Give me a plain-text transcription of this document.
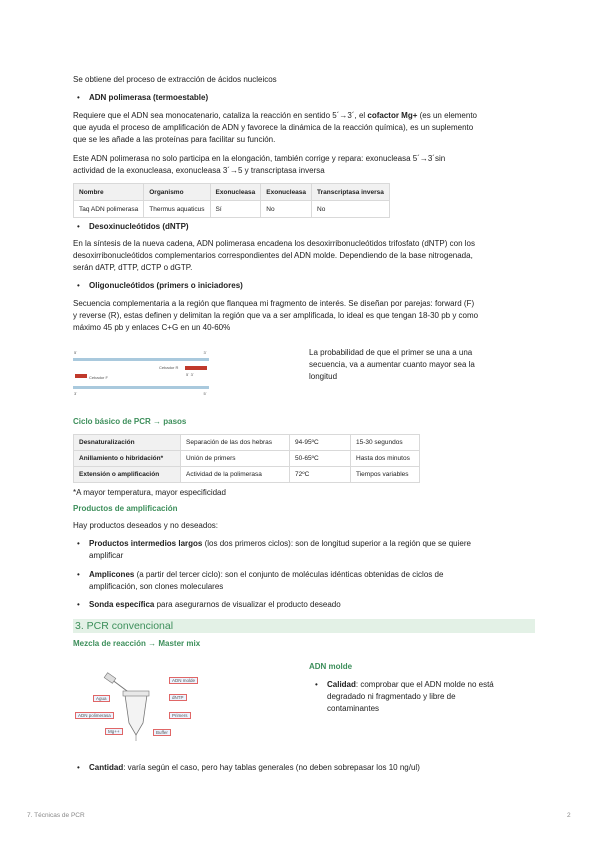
Se obtiene del proceso de extracción de ácidos nucleicos

ADN polimerasa (termoestable)

Requiere que el ADN sea monocatenario, cataliza la reacción en sentido 5´→3´, el cofactor Mg+ (es un elemento

que ayuda el proceso de amplificación de ADN y favorece la dinámica de la reacción química), es un suplemento

que se les añade a las proteínas para facilitar su función.

Este ADN polimerasa no solo participa en la elongación, también corrige y repara: exonucleasa 5´→3´sin

actividad de la exonucleasa, exonucleasa 3´→5 y transcriptasa inversa

Nombre	Organismo	Exonucleasa	Exonucleasa	Transcriptasa inversa
Taq ADN polimerasa	Thermus aquaticus	Sí	No	No
Desoxinucleótidos (dNTP)

En la síntesis de la nueva cadena, ADN polimerasa encadena los desoxirribonucleótidos trifosfato (dNTP) con los

desoxirribonucleótidos complementarios correspondientes del ADN molde. Dependiendo de la base nitrogenada,

serán dATP, dTTP, dCTP o dGTP.

Oligonucleótidos (primers o iniciadores)

Secuencia complementaria a la región que flanquea mi fragmento de interés. Se diseñan por parejas: forward (F)

y reverse (R), estas definen y delimitan la región que va a ser amplificada, lo ideal es que tengan 18-30 pb y como

máximo 45 pb y enlaces C+G en un 40-60%

5´	3´
Cebador R
5´ 3´
Cebador F
3´	5´

La probabilidad de que el primer se una a una

secuencia, va a aumentar cuanto mayor sea la

longitud

Ciclo básico de PCR → pasos

Desnaturalización	Separación de las dos hebras	94-95ºC	15-30 segundos
Anillamiento o hibridación*	Unión de primers	50-65ºC	Hasta dos minutos
Extensión o amplificación	Actividad de la polimerasa	72ºC	Tiempos variables

*A mayor temperatura, mayor especificidad

Productos de amplificación

Hay productos deseados y no deseados:

Productos intermedios largos (los dos primeros ciclos): son de longitud superior a la región que se quiere

amplificar

Amplicones (a partir del tercer ciclo): son el conjunto de moléculas idénticas obtenidas de ciclos de

amplificación, son clones moleculares

Sonda específica para asegurarnos de visualizar el producto deseado
3. PCR convencional

Mezcla de reacción → Master mix

ADN molde
dNTP
Primers
Agua
Mg++	Buffer
ADN polimerasa

ADN molde

Calidad: comprobar que el ADN molde no está

degradado ni fragmentado y libre de

contaminantes

Cantidad: varía según el caso, pero hay tablas generales (no deben sobrepasar los 10 ng/ul)
7. Técnicas de PCR	2
